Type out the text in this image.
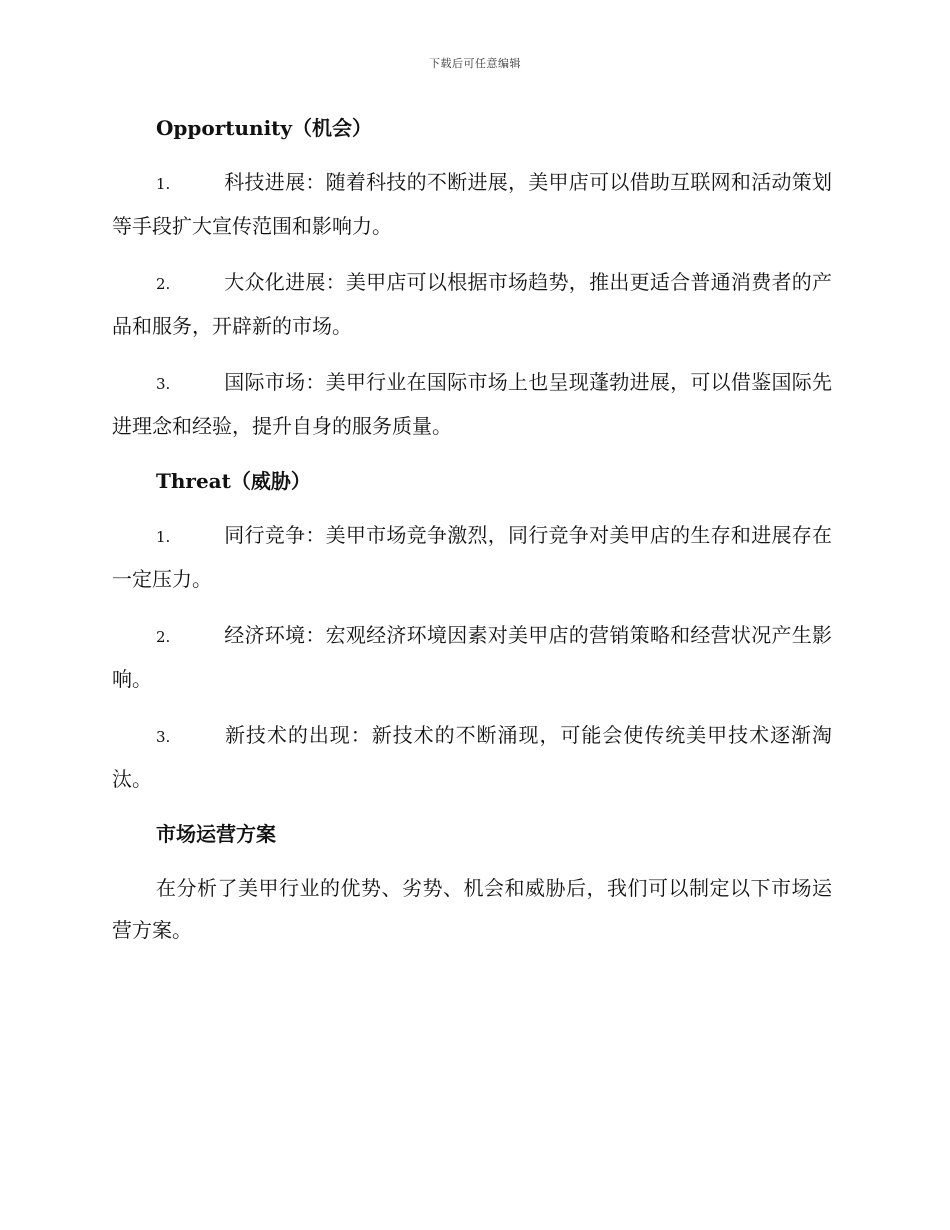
下载后可任意编辑
Opportunity（机会）

1.	科技进展：随着科技的不断进展，美甲店可以借助互联网和活动策划等手段扩大宣传范围和影响力。

2.	大众化进展：美甲店可以根据市场趋势，推出更适合普通消费者的产品和服务，开辟新的市场。

3.	国际市场：美甲行业在国际市场上也呈现蓬勃进展，可以借鉴国际先进理念和经验，提升自身的服务质量。

Threat（威胁）

1.	同行竞争：美甲市场竞争激烈，同行竞争对美甲店的生存和进展存在一定压力。

2.	经济环境：宏观经济环境因素对美甲店的营销策略和经营状况产生影响。

3.	新技术的出现：新技术的不断涌现，可能会使传统美甲技术逐渐淘汰。

市场运营方案

在分析了美甲行业的优势、劣势、机会和威胁后，我们可以制定以下市场运营方案。
